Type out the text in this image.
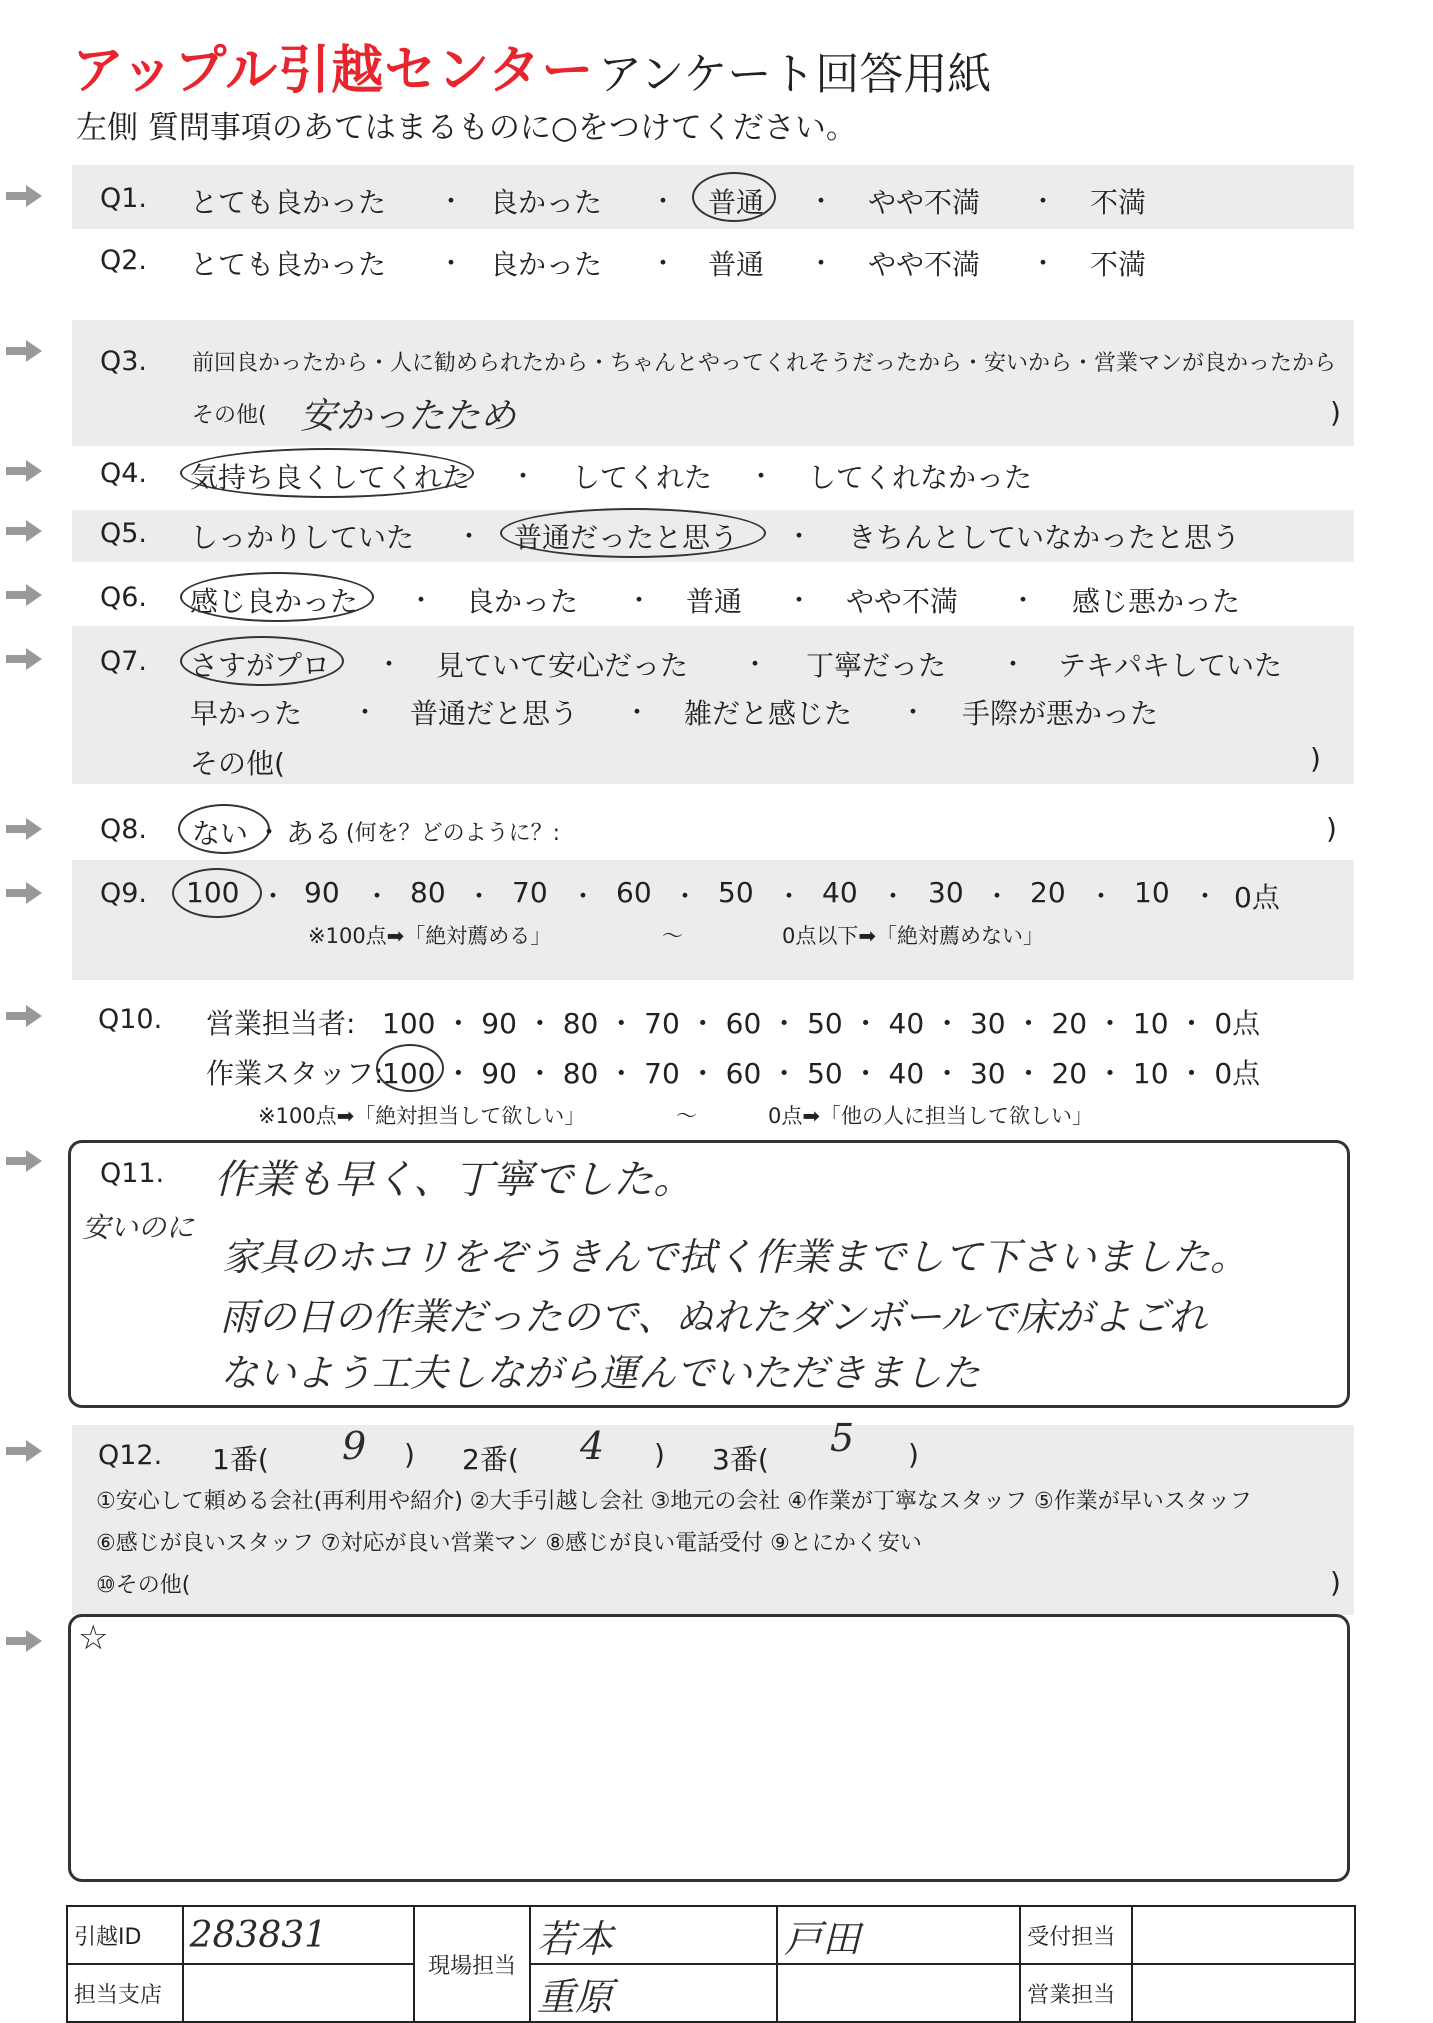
アップル引越センター アンケート回答用紙
左側 質問事項のあてはまるものに○をつけてください。
Q1. とても良かった ・ 良かった ・ 普通 ・ やや不満 ・ 不満
Q2. とても良かった ・ 良かった ・ 普通 ・ やや不満 ・ 不満
Q3. 前回良かったから・人に勧められたから・ちゃんとやってくれそうだったから・安いから・営業マンが良かったから
その他( 安かったため	)
Q4. 気持ち良くしてくれた ・ してくれた ・ してくれなかった
Q5. しっかりしていた ・ 普通だったと思う ・ きちんとしていなかったと思う
Q6. 感じ良かった ・ 良かった ・ 普通 ・ やや不満 ・ 感じ悪かった
Q7. さすがプロ ・ 見ていて安心だった ・ 丁寧だった ・ テキパキしていた
早かった ・ 普通だと思う ・ 雑だと感じた ・ 手際が悪かった
その他(	)
Q8. ない ・ ある (何を？どのように？:	)
Q9. 100 ・ 90 ・ 80 ・ 70 ・ 60 ・ 50 ・ 40 ・ 30 ・ 20 ・ 10 ・ 0点
※100点➡「絶対薦める」	〜	0点以下➡「絶対薦めない」
Q10. 営業担当者: 100 ・ 90 ・ 80 ・ 70 ・ 60 ・ 50 ・ 40 ・ 30 ・ 20 ・ 10 ・ 0点
作業スタッフ:
100 ・ 90 ・ 80 ・ 70 ・ 60 ・ 50 ・ 40 ・ 30 ・ 20 ・ 10 ・ 0点
※100点➡「絶対担当して欲しい」	〜	0点➡「他の人に担当して欲しい」
Q11.
安いのに
作業も早く、丁寧でした。
家具のホコリをぞうきんで拭く作業までして下さいました。
雨の日の作業だったので、ぬれたダンボールで床がよごれ
ないよう工夫しながら運んでいただきました
Q12. 1番( 9 ) 2番( 4 ) 3番( 5 )
①安心して頼める会社(再利用や紹介) ②大手引越し会社 ③地元の会社 ④作業が丁寧なスタッフ ⑤作業が早いスタッフ
⑥感じが良いスタッフ ⑦対応が良い営業マン ⑧感じが良い電話受付 ⑨とにかく安い
⑩その他(	)
☆
引越ID	283831	現場担当	若本	戸田	受付担当	
担当支店			重原		営業担当	
